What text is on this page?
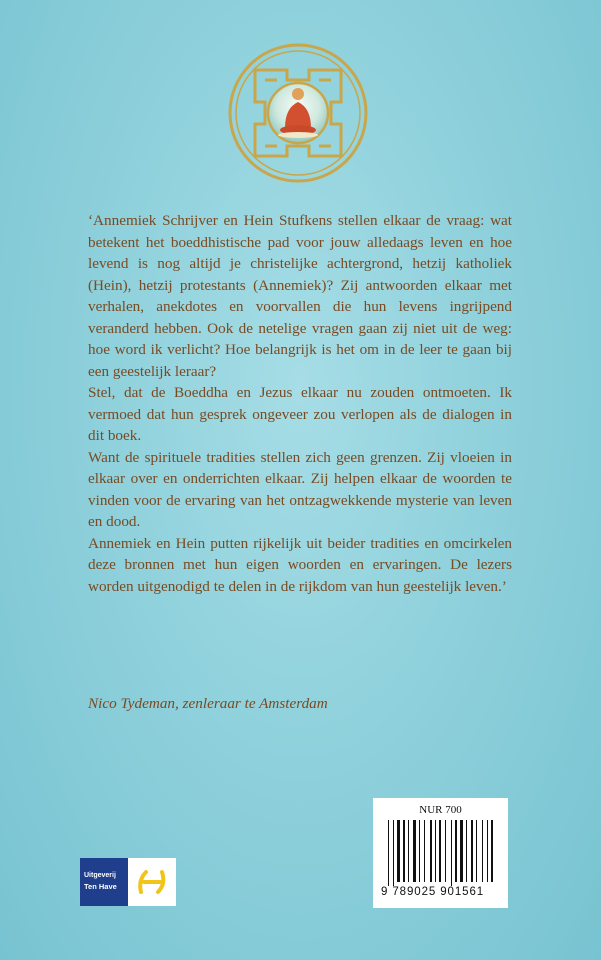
‘Annemiek Schrijver en Hein Stufkens stellen elkaar de vraag: wat betekent het boeddhistische pad voor jouw alledaags leven en hoe levend is nog altijd je christelijke achtergrond, hetzij katholiek (Hein), hetzij protestants (Annemiek)? Zij antwoorden elkaar met verhalen, anekdotes en voorvallen die hun levens ingrijpend veranderd hebben. Ook de netelige vragen gaan zij niet uit de weg: hoe word ik verlicht? Hoe belangrijk is het om in de leer te gaan bij een geestelijk leraar?

Stel, dat de Boeddha en Jezus elkaar nu zouden ontmoeten. Ik vermoed dat hun gesprek ongeveer zou verlopen als de dialogen in dit boek.

Want de spirituele tradities stellen zich geen grenzen. Zij vloeien in elkaar over en onderrichten elkaar. Zij helpen elkaar de woorden te vinden voor de ervaring van het ontzagwekkende mysterie van leven en dood.

Annemiek en Hein putten rijkelijk uit beider tradities en omcirkelen deze bronnen met hun eigen woorden en ervaringen. De lezers worden uitgenodigd te delen in de rijkdom van hun geestelijk leven.’

Nico Tydeman, zenleraar te Amsterdam
NUR 700
9 789025 901561
Uitgeverij
Ten Have
